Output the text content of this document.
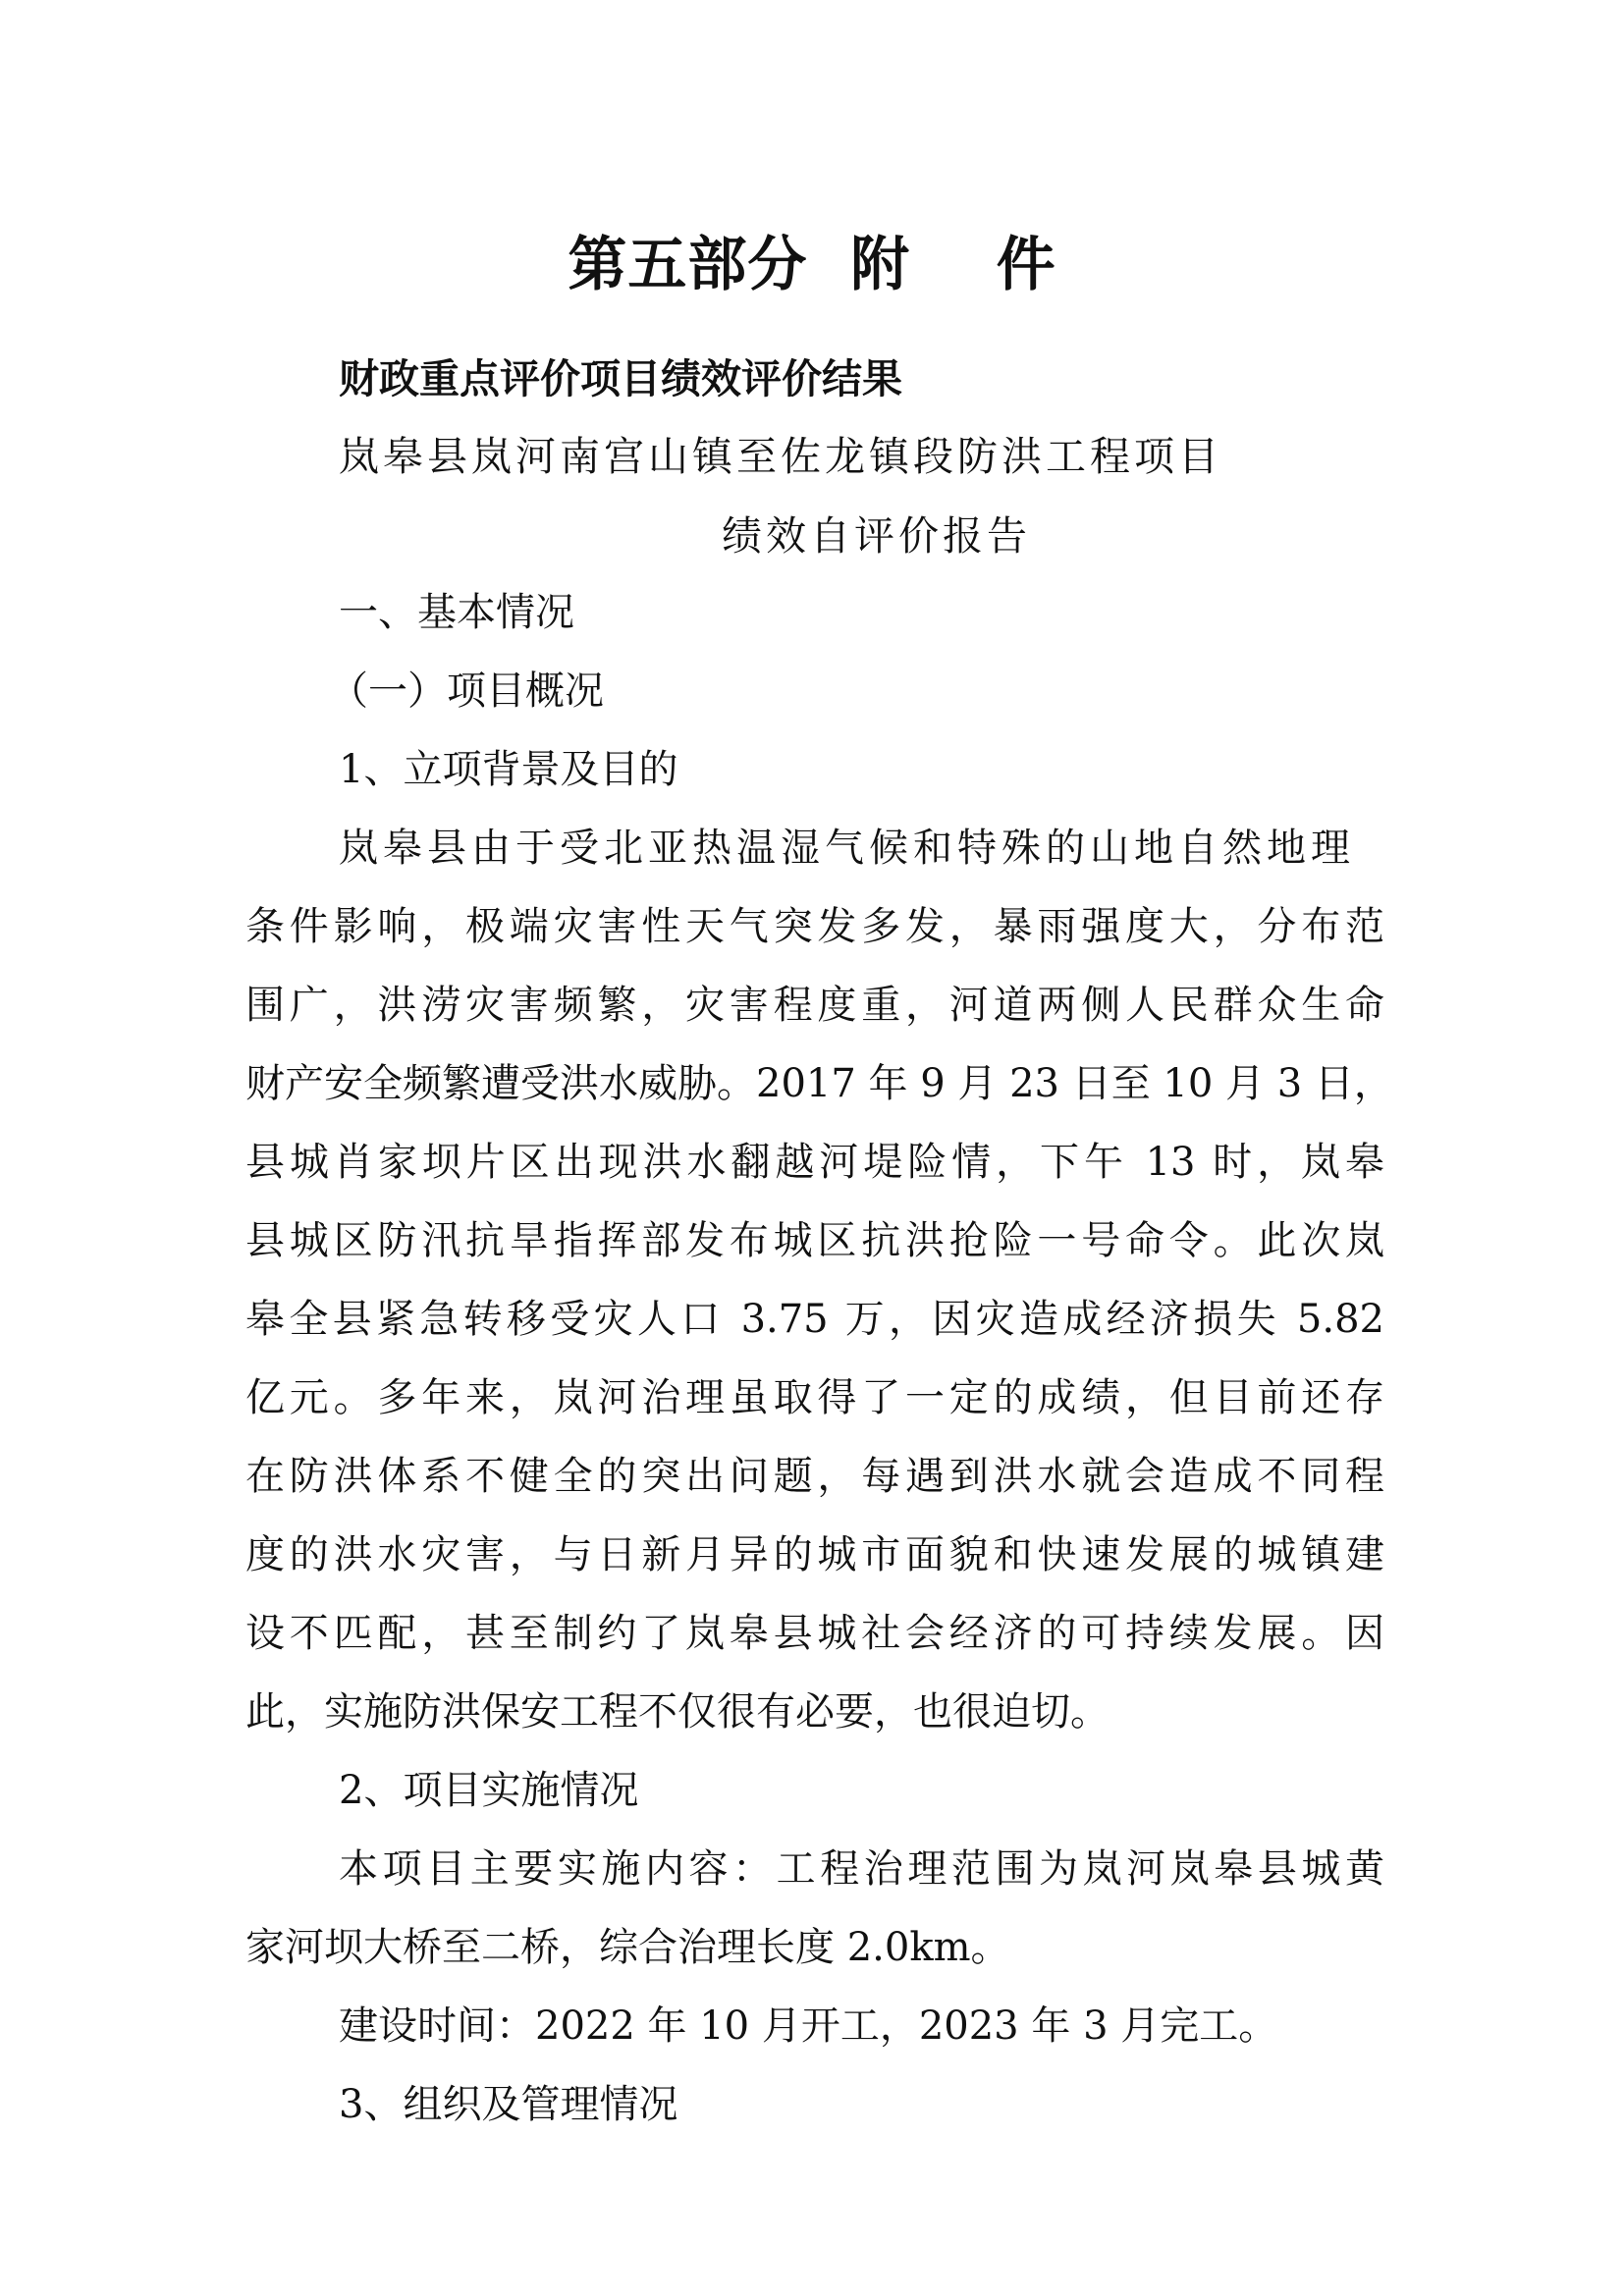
第五部分  附    件
财政重点评价项目绩效评价结果
岚皋县岚河南宫山镇至佐龙镇段防洪工程项目
绩效自评价报告
一、基本情况
（一）项目概况
1、立项背景及目的
岚皋县由于受北亚热温湿气候和特殊的山地自然地理
条件影响，极端灾害性天气突发多发，暴雨强度大，分布范
围广，洪涝灾害频繁，灾害程度重，河道两侧人民群众生命
财产安全频繁遭受洪水威胁。2017 年 9 月 23 日至 10 月 3 日，
县城肖家坝片区出现洪水翻越河堤险情，下午 13 时，岚皋
县城区防汛抗旱指挥部发布城区抗洪抢险一号命令。此次岚
皋全县紧急转移受灾人口 3.75 万，因灾造成经济损失 5.82
亿元。多年来，岚河治理虽取得了一定的成绩，但目前还存
在防洪体系不健全的突出问题，每遇到洪水就会造成不同程
度的洪水灾害，与日新月异的城市面貌和快速发展的城镇建
设不匹配，甚至制约了岚皋县城社会经济的可持续发展。因
此，实施防洪保安工程不仅很有必要，也很迫切。
2、项目实施情况
本项目主要实施内容：工程治理范围为岚河岚皋县城黄
家河坝大桥至二桥，综合治理长度 2.0km。
建设时间：2022 年 10 月开工，2023 年 3 月完工。
3、组织及管理情况
